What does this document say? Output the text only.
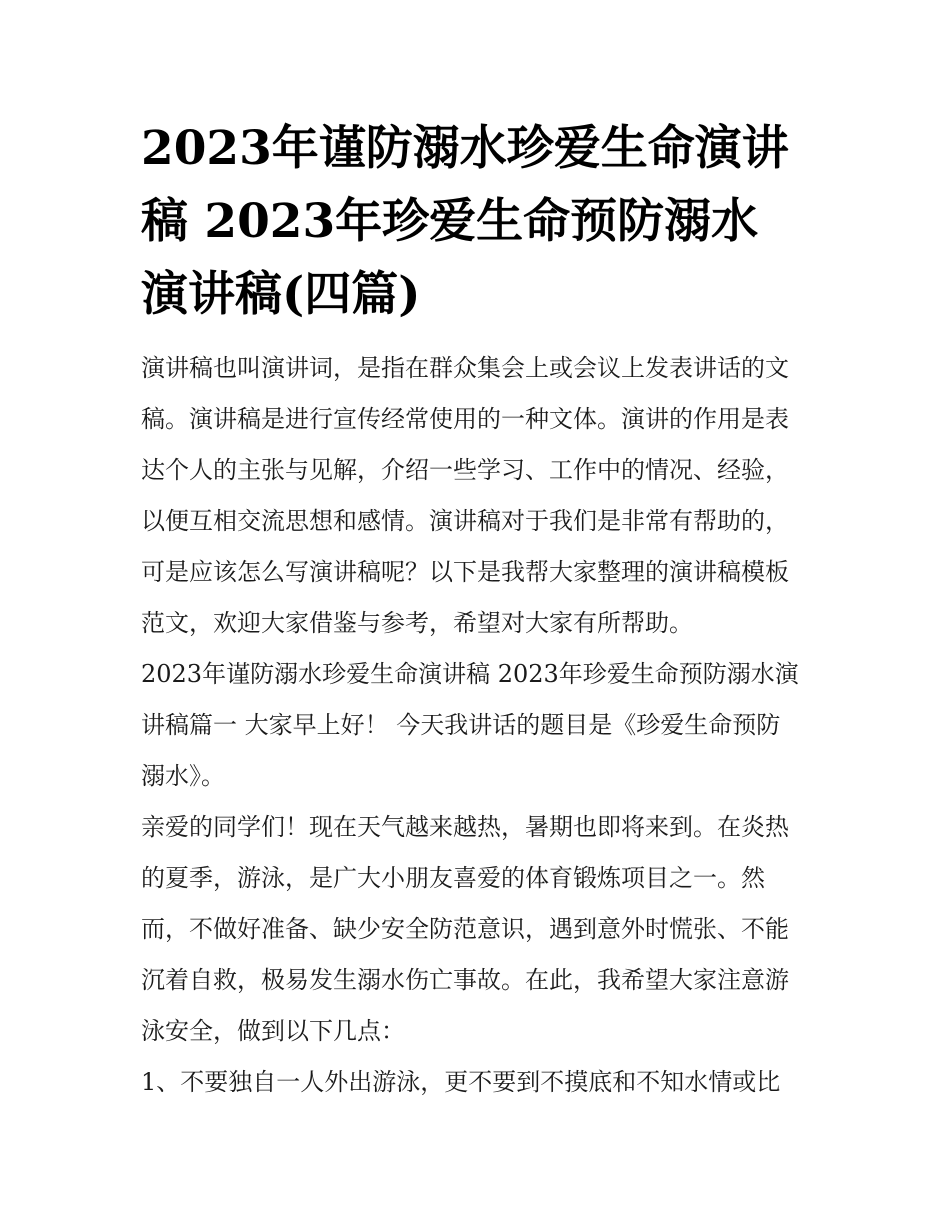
2023年谨防溺水珍爱生命演讲
稿 2023年珍爱生命预防溺水
演讲稿(四篇)

演讲稿也叫演讲词，是指在群众集会上或会议上发表讲话的文
稿。演讲稿是进行宣传经常使用的一种文体。演讲的作用是表
达个人的主张与见解，介绍一些学习、工作中的情况、经验，
以便互相交流思想和感情。演讲稿对于我们是非常有帮助的，
可是应该怎么写演讲稿呢？以下是我帮大家整理的演讲稿模板
范文，欢迎大家借鉴与参考，希望对大家有所帮助。

2023年谨防溺水珍爱生命演讲稿 2023年珍爱生命预防溺水演
讲稿篇一 大家早上好！ 今天我讲话的题目是《珍爱生命预防
溺水》。

亲爱的同学们！现在天气越来越热，暑期也即将来到。在炎热
的夏季，游泳，是广大小朋友喜爱的体育锻炼项目之一。然
而，不做好准备、缺少安全防范意识，遇到意外时慌张、不能
沉着自救，极易发生溺水伤亡事故。在此，我希望大家注意游
泳安全，做到以下几点：

1、不要独自一人外出游泳，更不要到不摸底和不知水情或比
